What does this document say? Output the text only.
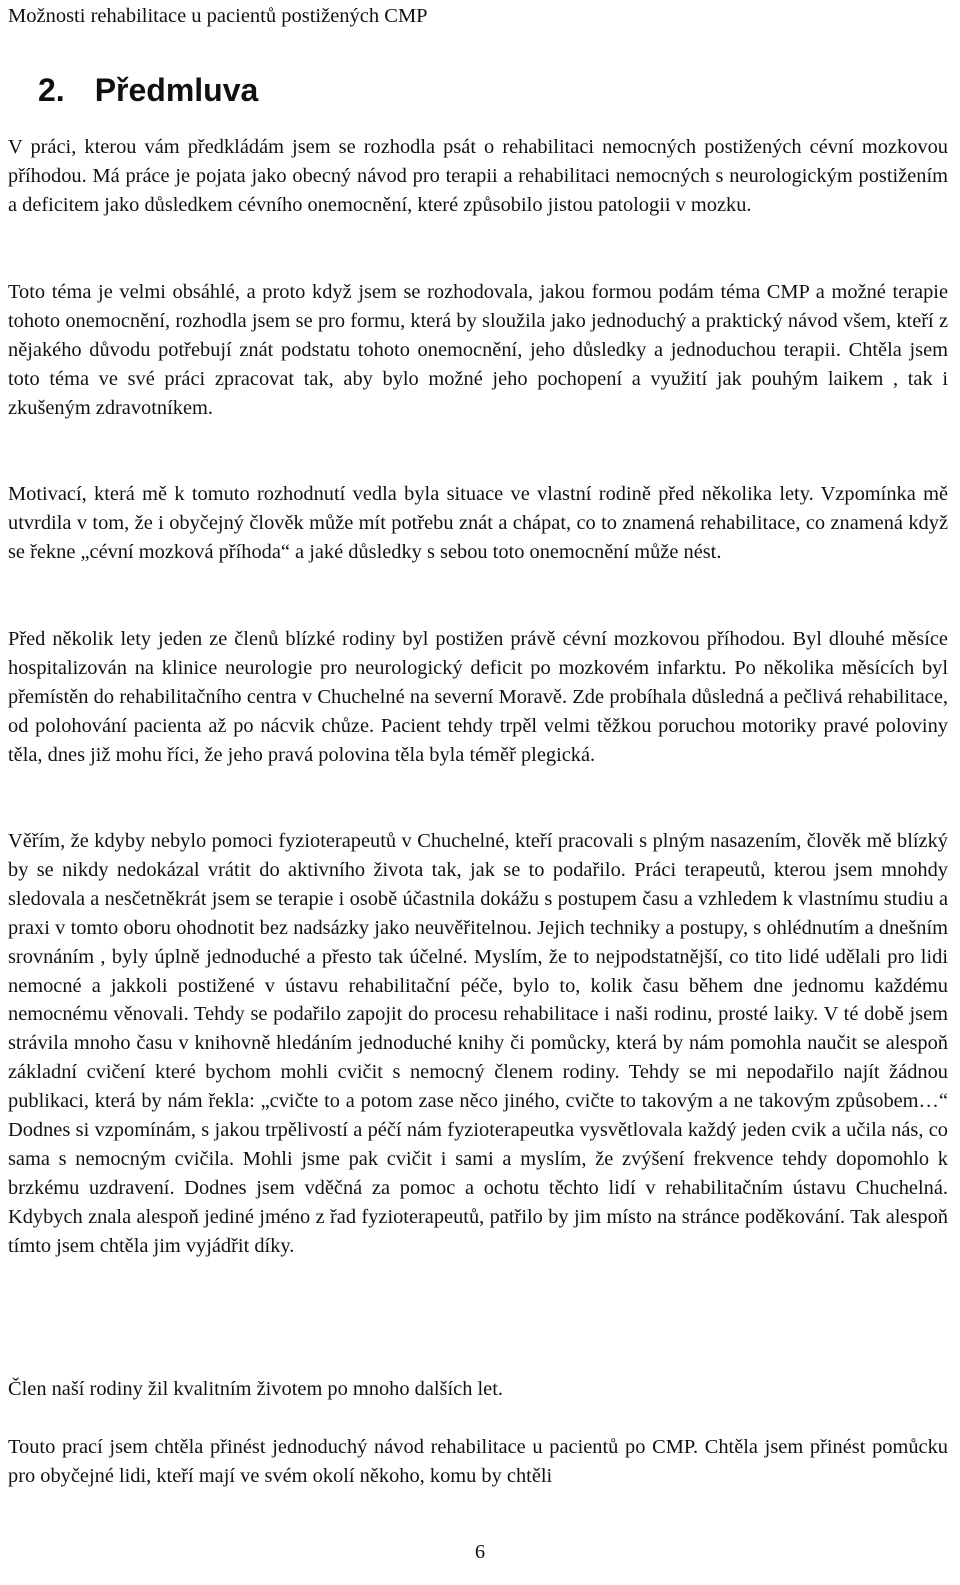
Možnosti rehabilitace u pacientů postižených CMP
2. Předmluva

V práci, kterou vám předkládám jsem se rozhodla psát o rehabilitaci nemocných postižených cévní mozkovou příhodou. Má práce je pojata jako obecný návod pro terapii a rehabilitaci nemocných s neurologickým postižením a deficitem jako důsledkem cévního onemocnění, které způsobilo jistou patologii v mozku.

Toto téma je velmi obsáhlé, a proto když jsem se rozhodovala, jakou formou podám téma CMP a možné terapie tohoto onemocnění, rozhodla jsem se pro formu, která by sloužila jako jednoduchý a praktický návod všem, kteří z nějakého důvodu potřebují znát podstatu tohoto onemocnění, jeho důsledky a jednoduchou terapii. Chtěla jsem toto téma ve své práci zpracovat tak, aby bylo možné jeho pochopení a využití jak pouhým laikem , tak i zkušeným zdravotníkem.

Motivací, která mě k tomuto rozhodnutí vedla byla situace ve vlastní rodině před několika lety. Vzpomínka mě utvrdila v tom, že i obyčejný člověk může mít potřebu znát a chápat, co to znamená rehabilitace, co znamená když se řekne „cévní mozková příhoda“ a jaké důsledky s sebou toto onemocnění může nést.

Před několik lety jeden ze členů blízké rodiny byl postižen právě cévní mozkovou příhodou. Byl dlouhé měsíce hospitalizován na klinice neurologie pro neurologický deficit po mozkovém infarktu. Po několika měsících byl přemístěn do rehabilitačního centra v Chuchelné na severní Moravě. Zde probíhala důsledná a pečlivá rehabilitace, od polohování pacienta až po nácvik chůze. Pacient tehdy trpěl velmi těžkou poruchou motoriky pravé poloviny těla, dnes již mohu říci, že jeho pravá polovina těla byla téměř plegická.

Věřím, že kdyby nebylo pomoci fyzioterapeutů v Chuchelné, kteří pracovali s plným nasazením, člověk mě blízký by se nikdy nedokázal vrátit do aktivního života tak, jak se to podařilo. Práci terapeutů, kterou jsem mnohdy sledovala a nesčetněkrát jsem se terapie i osobě účastnila dokážu s postupem času a vzhledem k vlastnímu studiu a praxi v tomto oboru ohodnotit bez nadsázky jako neuvěřitelnou. Jejich techniky a postupy, s ohlédnutím a dnešním srovnáním , byly úplně jednoduché a přesto tak účelné. Myslím, že to nejpodstatnější, co tito lidé udělali pro lidi nemocné a jakkoli postižené v ústavu rehabilitační péče, bylo to, kolik času během dne jednomu každému nemocnému věnovali. Tehdy se podařilo zapojit do procesu rehabilitace i naši rodinu, prosté laiky. V té době jsem strávila mnoho času v knihovně hledáním jednoduché knihy či pomůcky, která by nám pomohla naučit se alespoň základní cvičení které bychom mohli cvičit s nemocný členem rodiny. Tehdy se mi nepodařilo najít žádnou publikaci, která by nám řekla: „cvičte to a potom zase něco jiného, cvičte to takovým a ne takovým způsobem…“ Dodnes si vzpomínám, s jakou trpělivostí a péčí nám fyzioterapeutka vysvětlovala každý jeden cvik a učila nás, co sama s nemocným cvičila. Mohli jsme pak cvičit i sami a myslím, že zvýšení frekvence tehdy dopomohlo k brzkému uzdravení. Dodnes jsem vděčná za pomoc a ochotu těchto lidí v rehabilitačním ústavu Chuchelná. Kdybych znala alespoň jediné jméno z řad fyzioterapeutů, patřilo by jim místo na stránce poděkování. Tak alespoň tímto jsem chtěla jim vyjádřit díky.

Člen naší rodiny žil kvalitním životem po mnoho dalších let.

Touto prací jsem chtěla přinést jednoduchý návod rehabilitace u pacientů po CMP. Chtěla jsem přinést pomůcku pro obyčejné lidi, kteří mají ve svém okolí někoho, komu by chtěli

6
